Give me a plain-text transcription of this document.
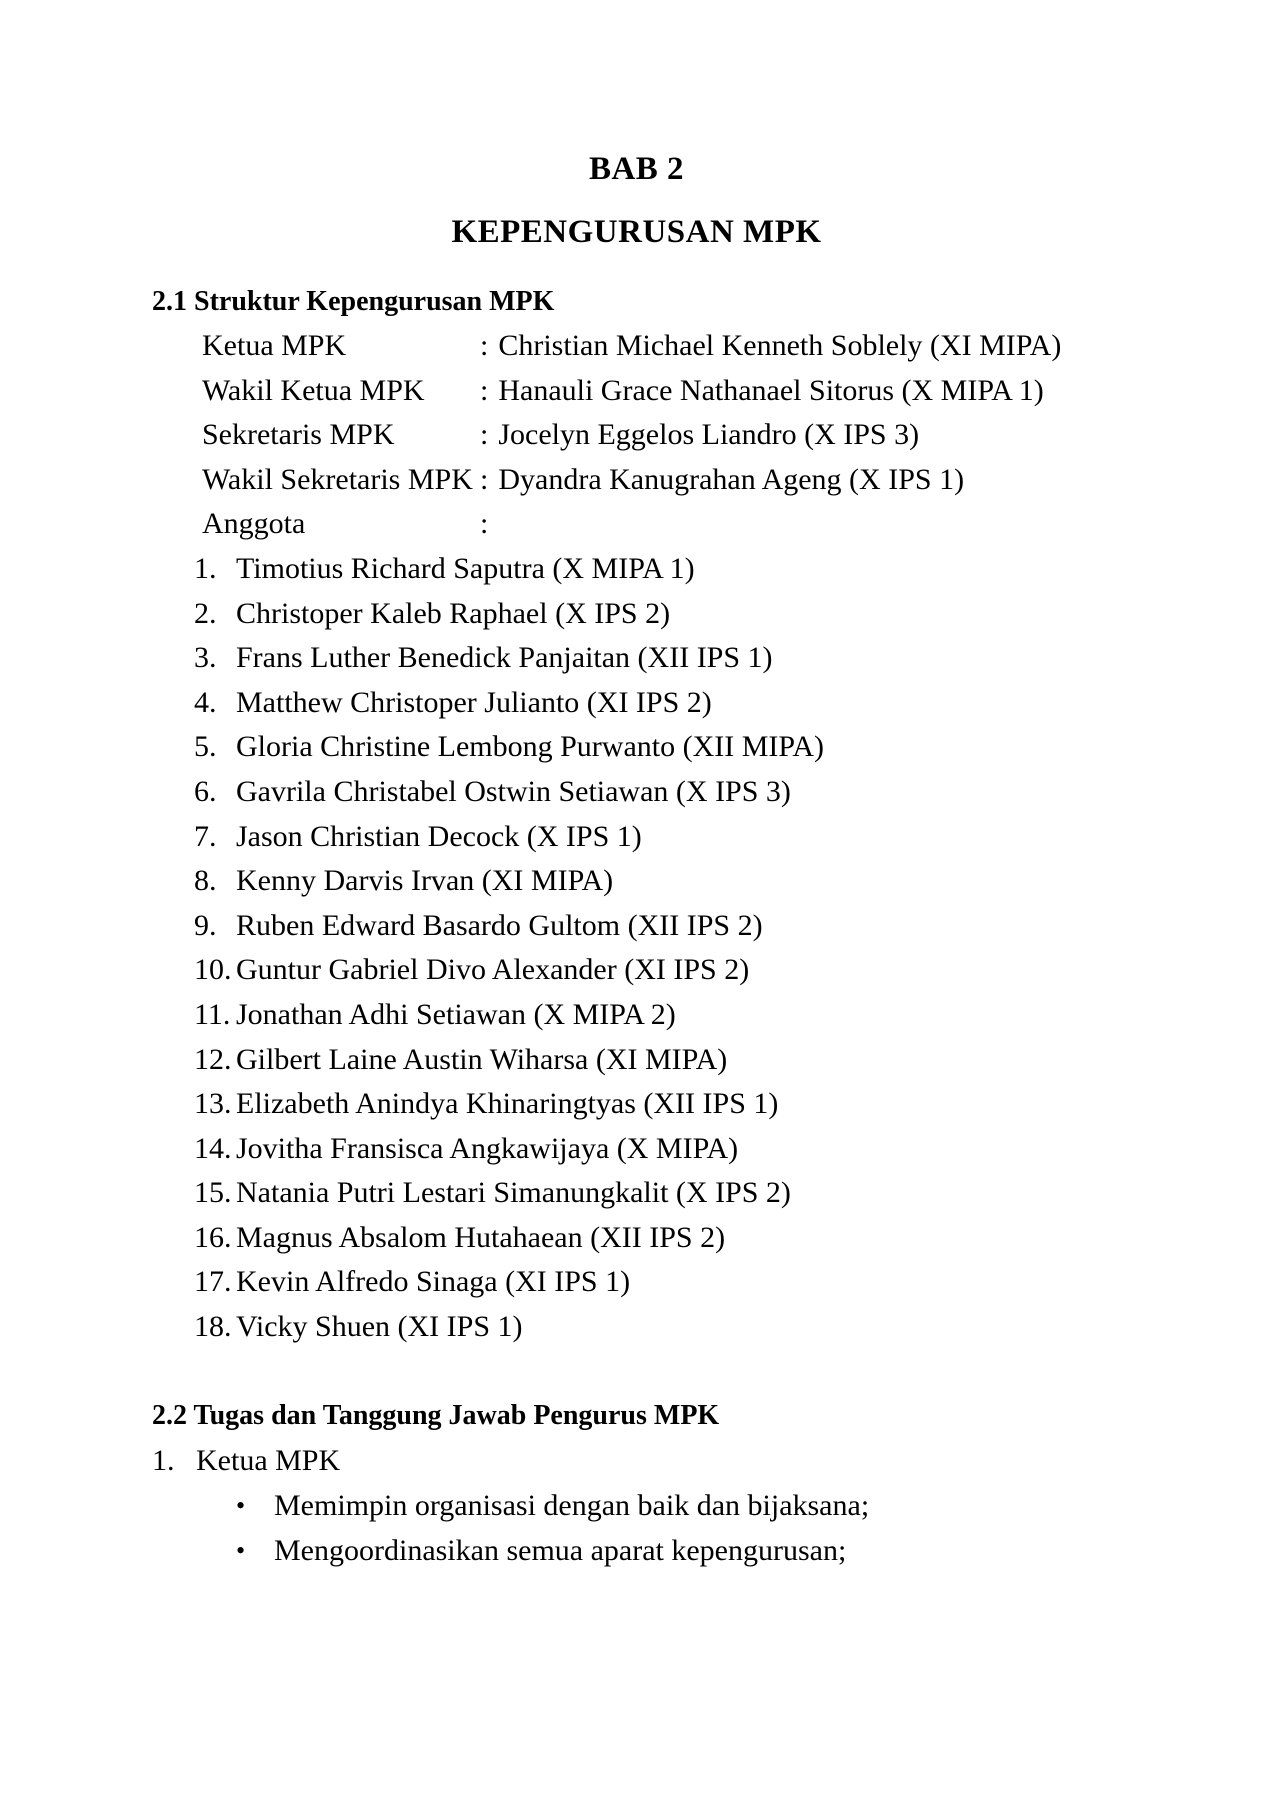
BAB 2
KEPENGURUSAN MPK
2.1 Struktur Kepengurusan MPK
Ketua MPK	: Christian Michael Kenneth Soblely (XI MIPA)
Wakil Ketua MPK	: Hanauli Grace Nathanael Sitorus (X MIPA 1)
Sekretaris MPK	: Jocelyn Eggelos Liandro (X IPS 3)
Wakil Sekretaris MPK : Dyandra Kanugrahan Ageng (X IPS 1)
Anggota	:
1. Timotius Richard Saputra (X MIPA 1)
2. Christoper Kaleb Raphael (X IPS 2)
3. Frans Luther Benedick Panjaitan (XII IPS 1)
4. Matthew Christoper Julianto (XI IPS 2)
5. Gloria Christine Lembong Purwanto (XII MIPA)
6. Gavrila Christabel Ostwin Setiawan (X IPS 3)
7. Jason Christian Decock (X IPS 1)
8. Kenny Darvis Irvan (XI MIPA)
9. Ruben Edward Basardo Gultom (XII IPS 2)
10. Guntur Gabriel Divo Alexander (XI IPS 2)
11. Jonathan Adhi Setiawan (X MIPA 2)
12. Gilbert Laine Austin Wiharsa (XI MIPA)
13. Elizabeth Anindya Khinaringtyas (XII IPS 1)
14. Jovitha Fransisca Angkawijaya (X MIPA)
15. Natania Putri Lestari Simanungkalit (X IPS 2)
16. Magnus Absalom Hutahaean (XII IPS 2)
17. Kevin Alfredo Sinaga (XI IPS 1)
18. Vicky Shuen (XI IPS 1)
2.2 Tugas dan Tanggung Jawab Pengurus MPK
1. Ketua MPK
• Memimpin organisasi dengan baik dan bijaksana;
• Mengoordinasikan semua aparat kepengurusan;
